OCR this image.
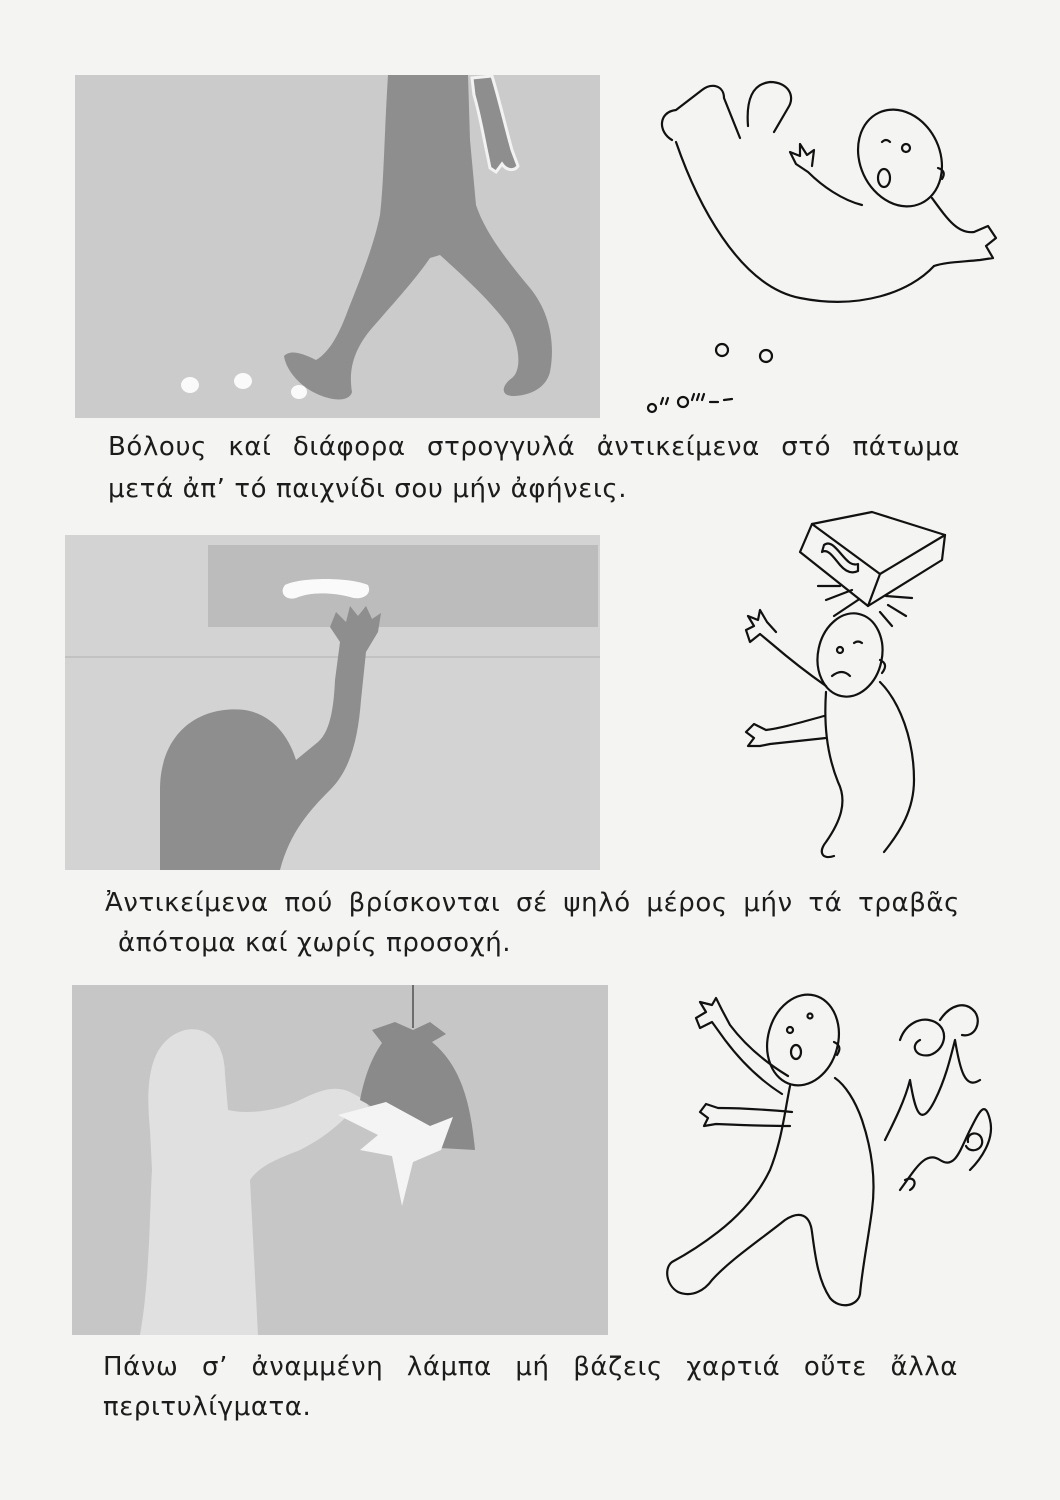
Βόλους καί διάφορα στρογγυλά ἀντικείμενα στό πάτωμα
μετά ἀπ’ τό παιχνίδι σου μήν ἀφήνεις.
Ἀντικείμενα πού βρίσκονται σέ ψηλό μέρος μήν τά τραβᾶς
ἀπότομα καί χωρίς προσοχή.
Πάνω σ’ ἀναμμένη λάμπα μή βάζεις χαρτιά οὔτε ἄλλα
περιτυλίγματα.
